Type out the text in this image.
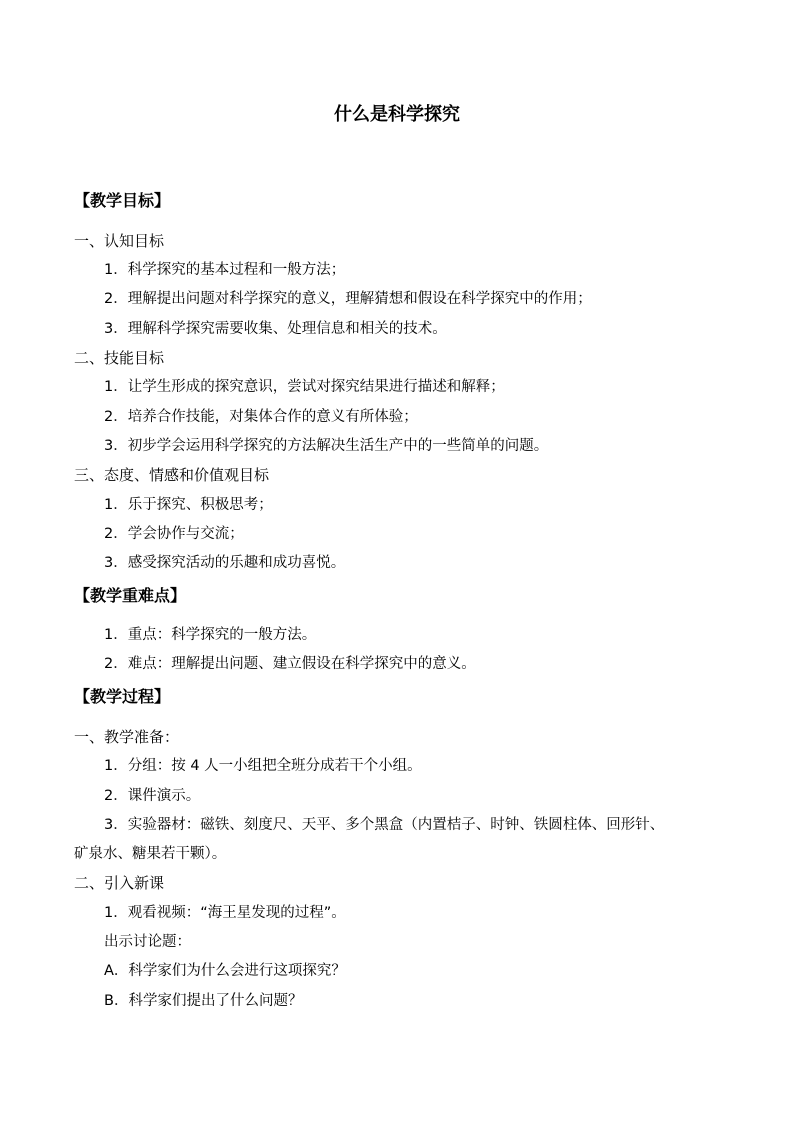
什么是科学探究
【教学目标】
一、认知目标
1．科学探究的基本过程和一般方法；
2．理解提出问题对科学探究的意义，理解猜想和假设在科学探究中的作用；
3．理解科学探究需要收集、处理信息和相关的技术。
二、技能目标
1．让学生形成的探究意识，尝试对探究结果进行描述和解释；
2．培养合作技能，对集体合作的意义有所体验；
3．初步学会运用科学探究的方法解决生活生产中的一些简单的问题。
三、态度、情感和价值观目标
1．乐于探究、积极思考；
2．学会协作与交流；
3．感受探究活动的乐趣和成功喜悦。
【教学重难点】
1．重点：科学探究的一般方法。
2．难点：理解提出问题、建立假设在科学探究中的意义。
【教学过程】
一、教学准备：
1．分组：按 4 人一小组把全班分成若干个小组。
2．课件演示。
3．实验器材：磁铁、刻度尺、天平、多个黑盒（内置桔子、时钟、铁圆柱体、回形针、
矿泉水、糖果若干颗）。
二、引入新课
1．观看视频：“海王星发现的过程”。
出示讨论题：
A．科学家们为什么会进行这项探究？
B．科学家们提出了什么问题？
